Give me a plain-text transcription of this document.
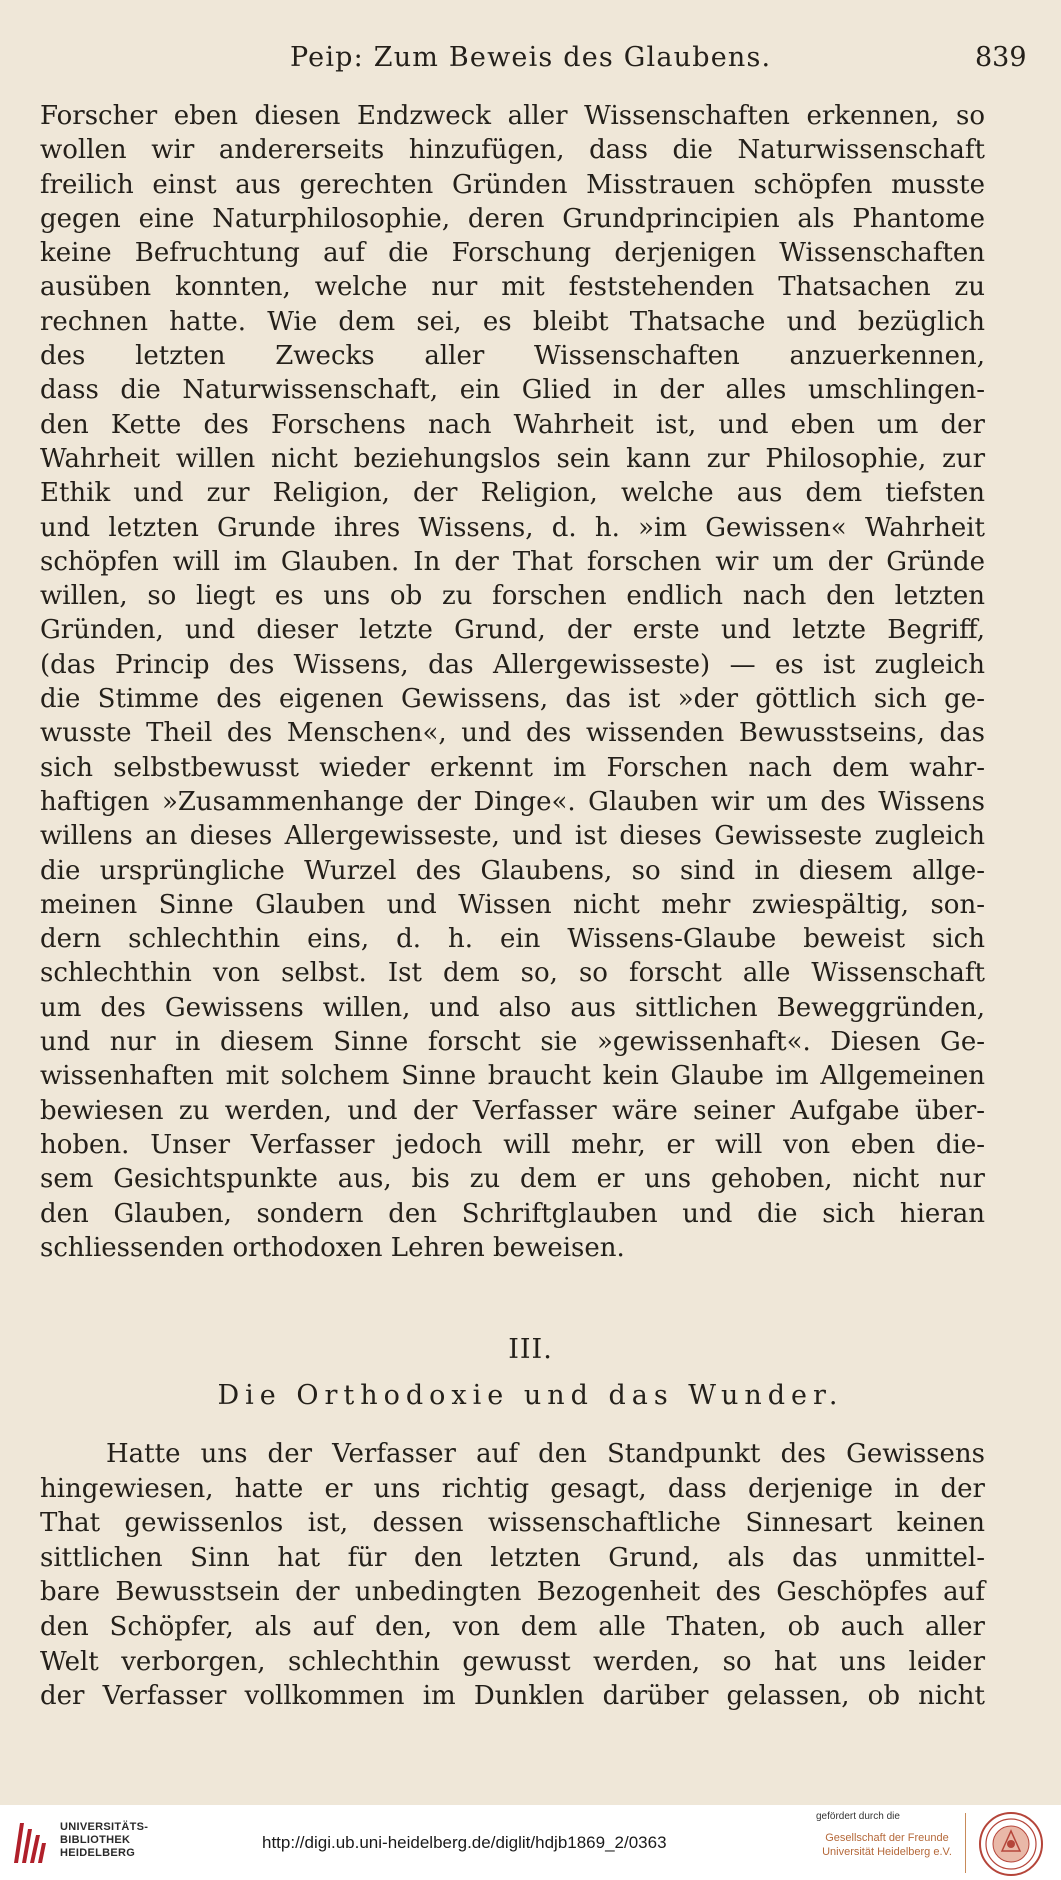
Peip: Zum Beweis des Glaubens.	839
Forscher eben diesen Endzweck aller Wissenschaften erkennen, so
wollen wir andererseits hinzufügen, dass die Naturwissenschaft
freilich einst aus gerechten Gründen Misstrauen schöpfen musste
gegen eine Naturphilosophie, deren Grundprincipien als Phantome
keine Befruchtung auf die Forschung derjenigen Wissenschaften
ausüben konnten, welche nur mit feststehenden Thatsachen zu
rechnen hatte. Wie dem sei, es bleibt Thatsache und bezüglich
des letzten Zwecks aller Wissenschaften anzuerkennen,
dass die Naturwissenschaft, ein Glied in der alles umschlingen-
den Kette des Forschens nach Wahrheit ist, und eben um der
Wahrheit willen nicht beziehungslos sein kann zur Philosophie, zur
Ethik und zur Religion, der Religion, welche aus dem tiefsten
und letzten Grunde ihres Wissens, d. h. »im Gewissen« Wahrheit
schöpfen will im Glauben. In der That forschen wir um der Gründe
willen, so liegt es uns ob zu forschen endlich nach den letzten
Gründen, und dieser letzte Grund, der erste und letzte Begriff,
(das Princip des Wissens, das Allergewisseste) — es ist zugleich
die Stimme des eigenen Gewissens, das ist »der göttlich sich ge-
wusste Theil des Menschen«, und des wissenden Bewusstseins, das
sich selbstbewusst wieder erkennt im Forschen nach dem wahr-
haftigen »Zusammenhange der Dinge«. Glauben wir um des Wissens
willens an dieses Allergewisseste, und ist dieses Gewisseste zugleich
die ursprüngliche Wurzel des Glaubens, so sind in diesem allge-
meinen Sinne Glauben und Wissen nicht mehr zwiespältig, son-
dern schlechthin eins, d. h. ein Wissens-Glaube beweist sich
schlechthin von selbst. Ist dem so, so forscht alle Wissenschaft
um des Gewissens willen, und also aus sittlichen Beweggründen,
und nur in diesem Sinne forscht sie »gewissenhaft«. Diesen Ge-
wissenhaften mit solchem Sinne braucht kein Glaube im Allgemeinen
bewiesen zu werden, und der Verfasser wäre seiner Aufgabe über-
hoben. Unser Verfasser jedoch will mehr, er will von eben die-
sem Gesichtspunkte aus, bis zu dem er uns gehoben, nicht nur
den Glauben, sondern den Schriftglauben und die sich hieran
schliessenden orthodoxen Lehren beweisen.
III.
Die Orthodoxie und das Wunder.
Hatte uns der Verfasser auf den Standpunkt des Gewissens
hingewiesen, hatte er uns richtig gesagt, dass derjenige in der
That gewissenlos ist, dessen wissenschaftliche Sinnesart keinen
sittlichen Sinn hat für den letzten Grund, als das unmittel-
bare Bewusstsein der unbedingten Bezogenheit des Geschöpfes auf
den Schöpfer, als auf den, von dem alle Thaten, ob auch aller
Welt verborgen, schlechthin gewusst werden, so hat uns leider
der Verfasser vollkommen im Dunklen darüber gelassen, ob nicht
UNIVERSITÄTS-
BIBLIOTHEK
HEIDELBERG
http://digi.ub.uni-heidelberg.de/diglit/hdjb1869_2/0363
gefördert durch die
Gesellschaft der Freunde
Universität Heidelberg e.V.
